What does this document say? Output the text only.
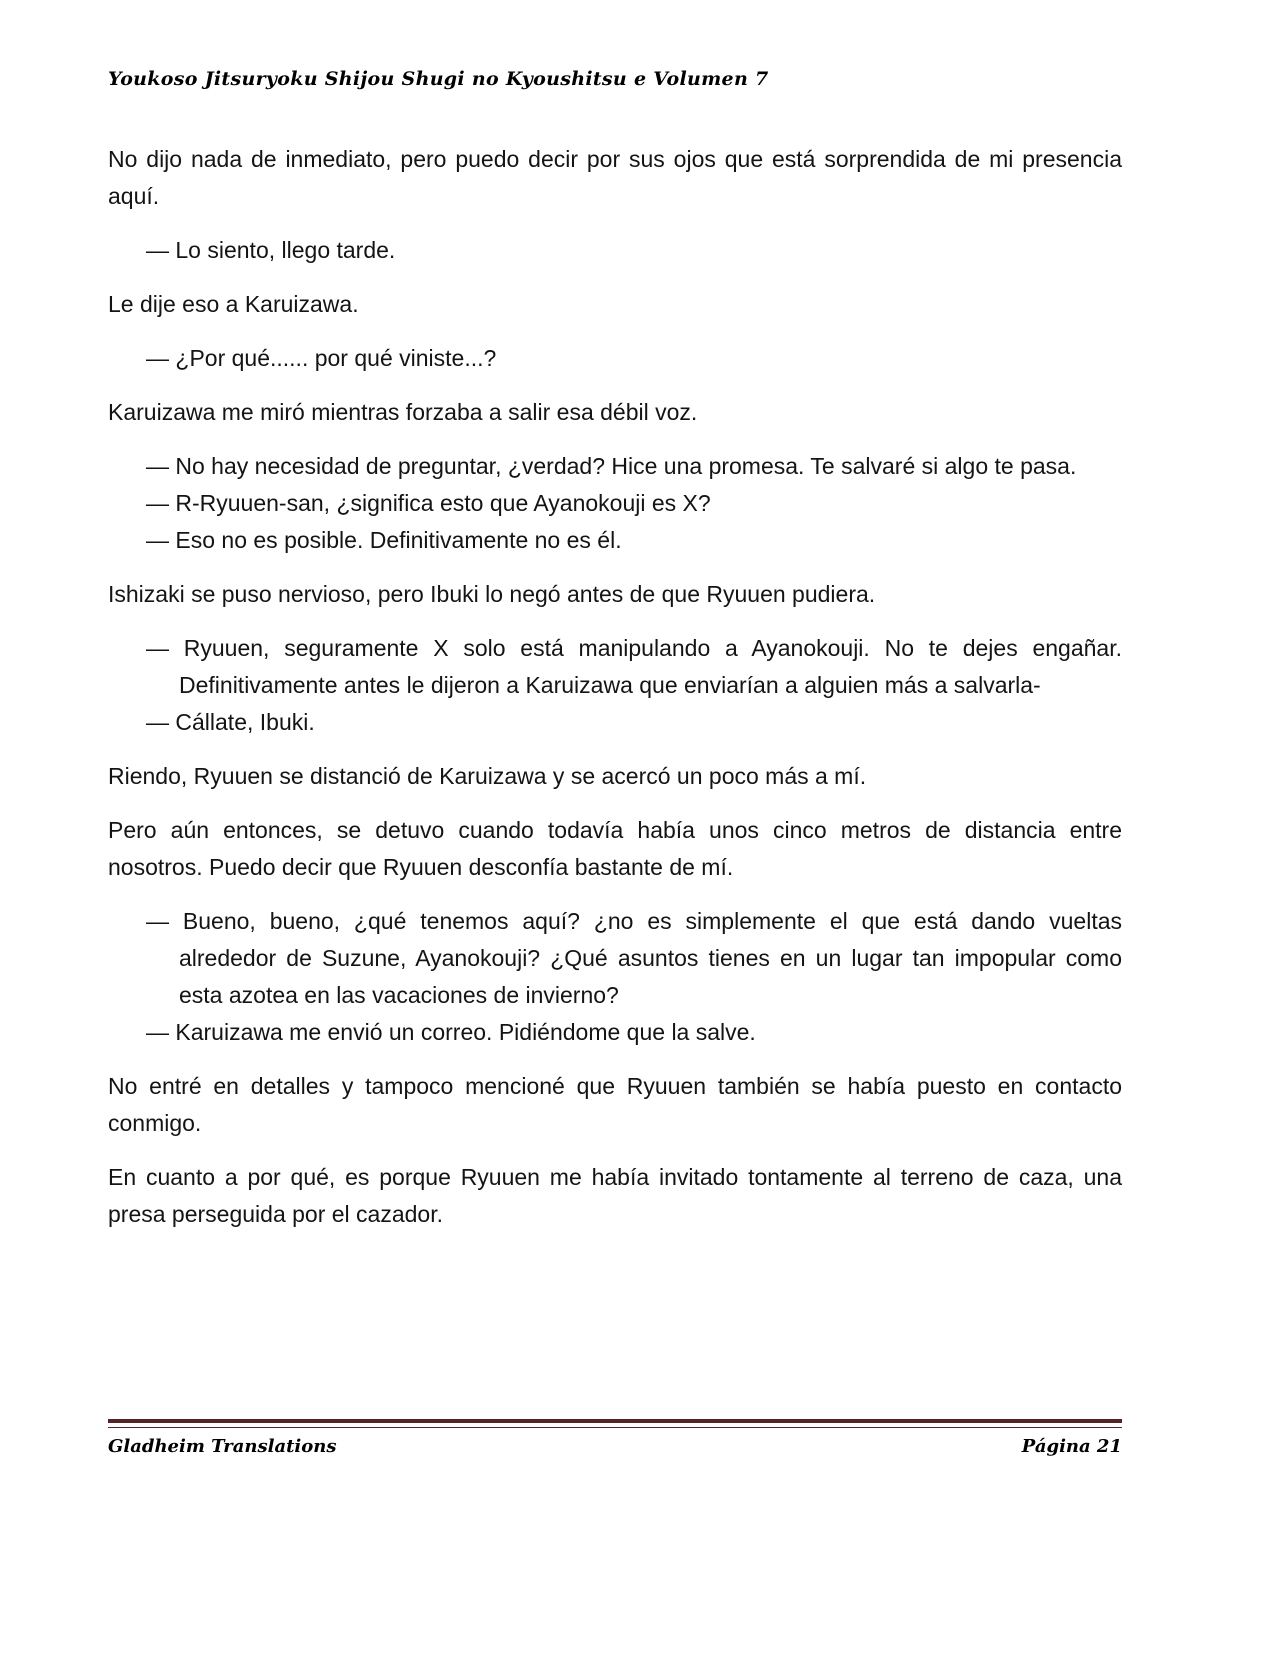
Youkoso Jitsuryoku Shijou Shugi no Kyoushitsu e Volumen 7
No dijo nada de inmediato, pero puedo decir por sus ojos que está sorprendida de mi presencia aquí.
— Lo siento, llego tarde.
Le dije eso a Karuizawa.
— ¿Por qué...... por qué viniste...?
Karuizawa me miró mientras forzaba a salir esa débil voz.
— No hay necesidad de preguntar, ¿verdad? Hice una promesa. Te salvaré si algo te pasa.
— R-Ryuuen-san, ¿significa esto que Ayanokouji es X?
— Eso no es posible. Definitivamente no es él.
Ishizaki se puso nervioso, pero Ibuki lo negó antes de que Ryuuen pudiera.
— Ryuuen, seguramente X solo está manipulando a Ayanokouji. No te dejes engañar. Definitivamente antes le dijeron a Karuizawa que enviarían a alguien más a salvarla-
— Cállate, Ibuki.
Riendo, Ryuuen se distanció de Karuizawa y se acercó un poco más a mí.
Pero aún entonces, se detuvo cuando todavía había unos cinco metros de distancia entre nosotros. Puedo decir que Ryuuen desconfía bastante de mí.
— Bueno, bueno, ¿qué tenemos aquí? ¿no es simplemente el que está dando vueltas alrededor de Suzune, Ayanokouji? ¿Qué asuntos tienes en un lugar tan impopular como esta azotea en las vacaciones de invierno?
— Karuizawa me envió un correo. Pidiéndome que la salve.
No entré en detalles y tampoco mencioné que Ryuuen también se había puesto en contacto conmigo.
En cuanto a por qué, es porque Ryuuen me había invitado tontamente al terreno de caza, una presa perseguida por el cazador.
Gladheim Translations	Página 21
